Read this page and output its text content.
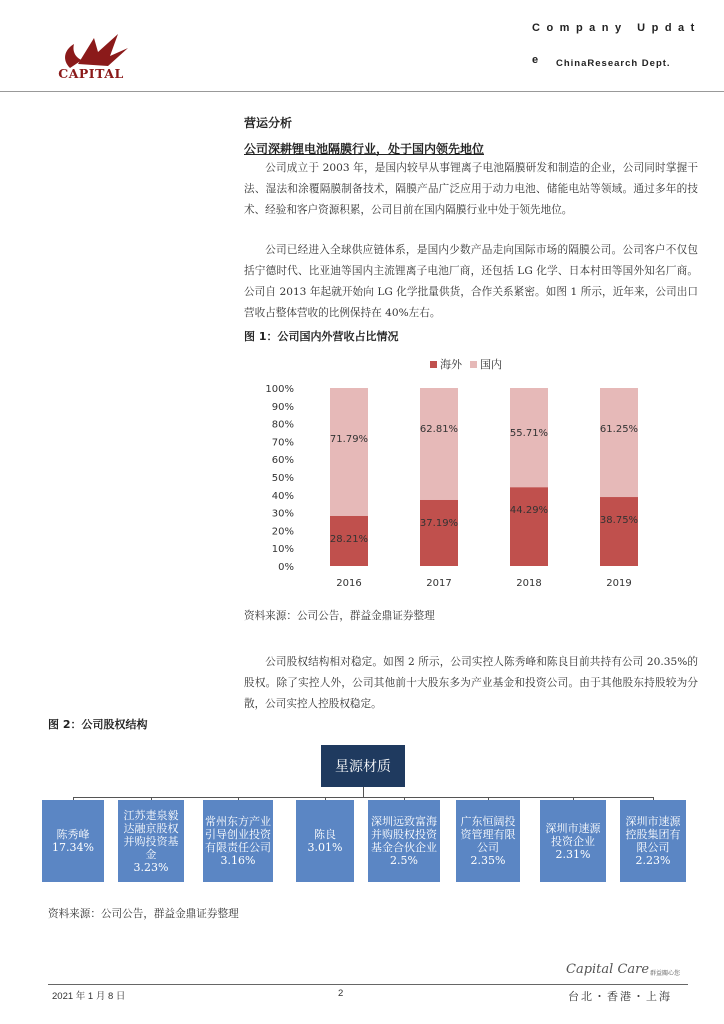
CAPITAL
Company Updat
e ChinaResearch Dept.
营运分析
公司深耕锂电池隔膜行业，处于国内领先地位
公司成立于 2003 年，是国内较早从事锂离子电池隔膜研发和制造的企业，公司同时掌握干法、湿法和涂覆隔膜制备技术，隔膜产品广泛应用于动力电池、储能电站等领域。通过多年的技术、经验和客户资源积累，公司目前在国内隔膜行业中处于领先地位。
公司已经进入全球供应链体系，是国内少数产品走向国际市场的隔膜公司。公司客户不仅包括宁德时代、比亚迪等国内主流锂离子电池厂商，还包括 LG 化学、日本村田等国外知名厂商。公司自 2013 年起就开始向 LG 化学批量供货，合作关系紧密。如图 1 所示，近年来，公司出口营收占整体营收的比例保持在 40%左右。
图 1：公司国内外营收占比情况
海外 国内
0%
10%
20%
30%
40%
50%
60%
70%
80%
90%
100%
28.21%
71.79%
2016
37.19%
62.81%
2017
44.29%
55.71%
2018
38.75%
61.25%
2019
资料来源：公司公告，群益金鼎证券整理
公司股权结构相对稳定。如图 2 所示，公司实控人陈秀峰和陈良目前共持有公司 20.35%的股权。除了实控人外，公司其他前十大股东多为产业基金和投资公司。由于其他股东持股较为分散，公司实控人控股权稳定。
图 2：公司股权结构
星源材质
陈秀峰
17.34%
江苏疌泉毅达融京股权并购投资基金
3.23%
常州东方产业引导创业投资有限责任公司
3.16%
陈良
3.01%
深圳远致富海并购股权投资基金合伙企业
2.5%
广东恒阔投资管理有限公司
2.35%
深圳市速源投资企业
2.31%
深圳市速源控股集团有限公司
2.23%
资料来源：公司公告，群益金鼎证券整理
2021 年 1 月 8 日	2
Capital Care 群益關心您
台北・香港・上海
